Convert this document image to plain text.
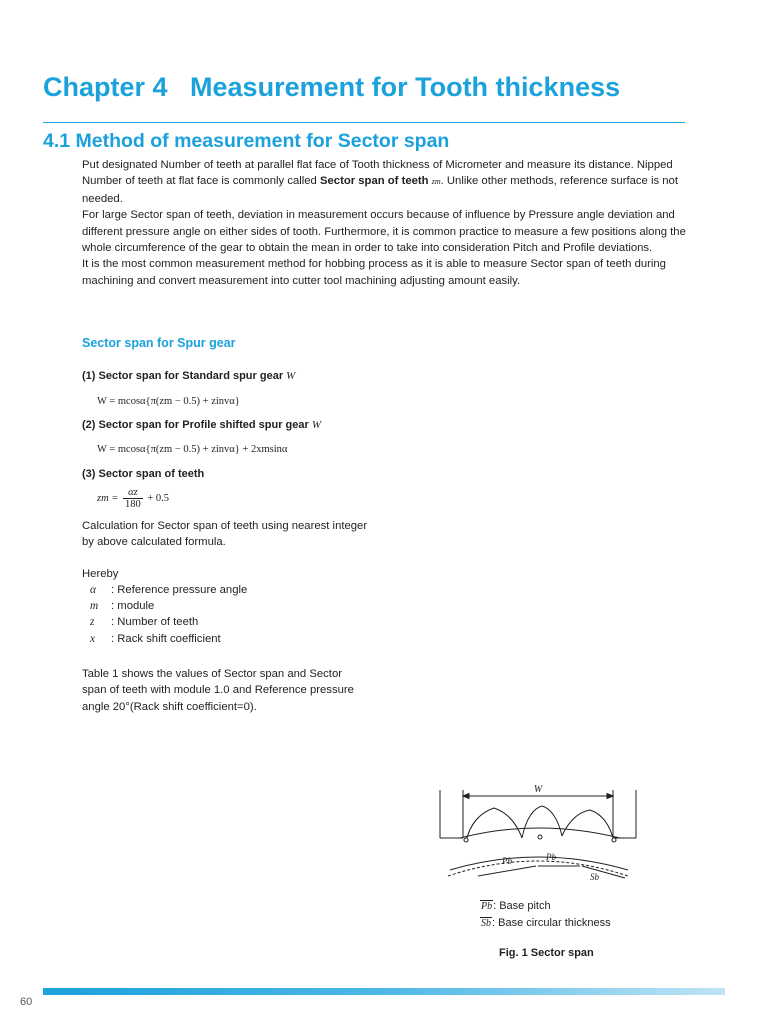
Chapter 4   Measurement for Tooth thickness
4.1 Method of measurement for Sector span

Put designated Number of teeth at parallel flat face of Tooth thickness of Micrometer and measure its distance. Nipped Number of teeth at flat face is commonly called Sector span of teeth zm. Unlike other methods, reference surface is not needed.

For large Sector span of teeth, deviation in measurement occurs because of influence by Pressure angle deviation and different pressure angle on either sides of tooth. Furthermore, it is common practice to measure a few positions along the whole circumference of the gear to obtain the mean in order to take into consideration Pitch and Profile deviations.

It is the most common measurement method for hobbing process as it is able to measure Sector span of teeth during machining and convert measurement into cutter tool machining adjusting amount easily.

Sector span for Spur gear
(1) Sector span for Standard spur gear W
W = mcosα{π(zm − 0.5) + zinvα}
(2) Sector span for Profile shifted spur gear W
W = mcosα{π(zm − 0.5) + zinvα} + 2xmsinα
(3) Sector span of teeth
zm = $\frac{\alpha z}{180} + 0.5$
Calculation for Sector span of teeth using nearest integer by above calculated formula.
Hereby
α : Reference pressure angle
m : module
z : Number of teeth
x : Rack shift coefficient
Table 1 shows the values of Sector span and Sector span of teeth with module 1.0 and Reference pressure angle 20°(Rack shift coefficient=0).
W
Pb	Pb
Sb
Pb: Base pitch
Sb: Base circular thickness
Fig. 1 Sector span
60
